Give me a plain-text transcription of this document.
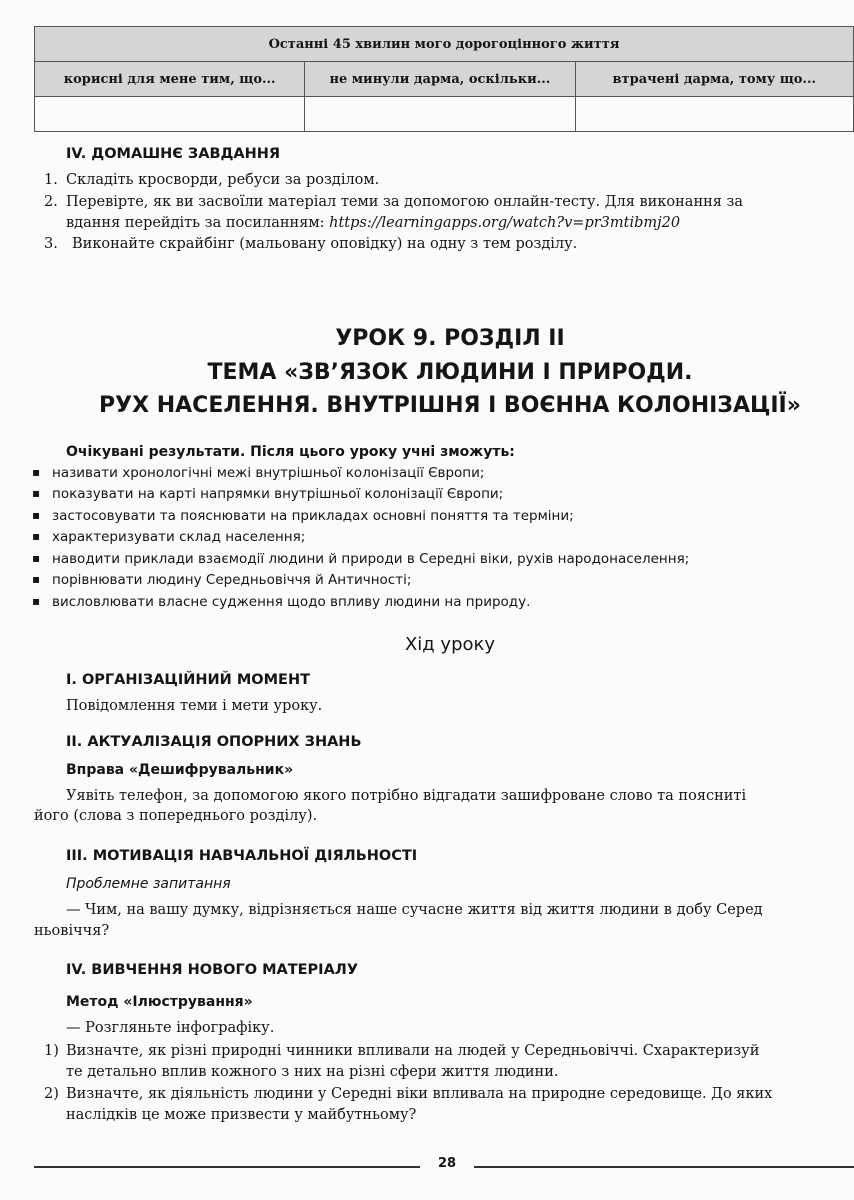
Останні 45 хвилин мого дорогоцінного життя		
корисні для мене тим, що...	не минули дарма, оскільки...	втрачені дарма, тому що...

IV. ДОМАШНЄ ЗАВДАННЯ
1. Складіть кросворди, ребуси за розділом.
2. Перевірте, як ви засвоїли матеріал теми за допомогою онлайн-тесту. Для виконання за
вдання перейдіть за посиланням: https://learningapps.org/watch?v=pr3mtibmj20
3. Виконайте скрайбінг (мальовану оповідку) на одну з тем розділу.
УРОК 9. РОЗДІЛ ІІ
ТЕМА «ЗВ’ЯЗОК ЛЮДИНИ І ПРИРОДИ.
РУХ НАСЕЛЕННЯ. ВНУТРІШНЯ І ВОЄННА КОЛОНІЗАЦІЇ»
Очікувані результати. Після цього уроку учні зможуть:
▪ називати хронологічні межі внутрішньої колонізації Європи;
▪ показувати на карті напрямки внутрішньої колонізації Європи;
▪ застосовувати та пояснювати на прикладах основні поняття та терміни;
▪ характеризувати склад населення;
▪ наводити приклади взаємодії людини й природи в Середні віки, рухів народонаселення;
▪ порівнювати людину Середньовіччя й Античності;
▪ висловлювати власне судження щодо впливу людини на природу.
Хід уроку
I. ОРГАНІЗАЦІЙНИЙ МОМЕНТ
Повідомлення теми і мети уроку.
II. АКТУАЛІЗАЦІЯ ОПОРНИХ ЗНАНЬ
Вправа «Дешифрувальник»
Уявіть телефон, за допомогою якого потрібно відгадати зашифроване слово та поясниті
його (слова з попереднього розділу).
III. МОТИВАЦІЯ НАВЧАЛЬНОЇ ДІЯЛЬНОСТІ
Проблемне запитання
— Чим, на вашу думку, відрізняється наше сучасне життя від життя людини в добу Серед
ньовіччя?
IV. ВИВЧЕННЯ НОВОГО МАТЕРІАЛУ
Метод «Ілюстрування»
— Розгляньте інфографіку.
1) Визначте, як різні природні чинники впливали на людей у Середньовіччі. Схарактеризуй
те детально вплив кожного з них на різні сфери життя людини.
2) Визначте, як діяльність людини у Середні віки впливала на природне середовище. До яких
наслідків це може призвести у майбутньому?
28
